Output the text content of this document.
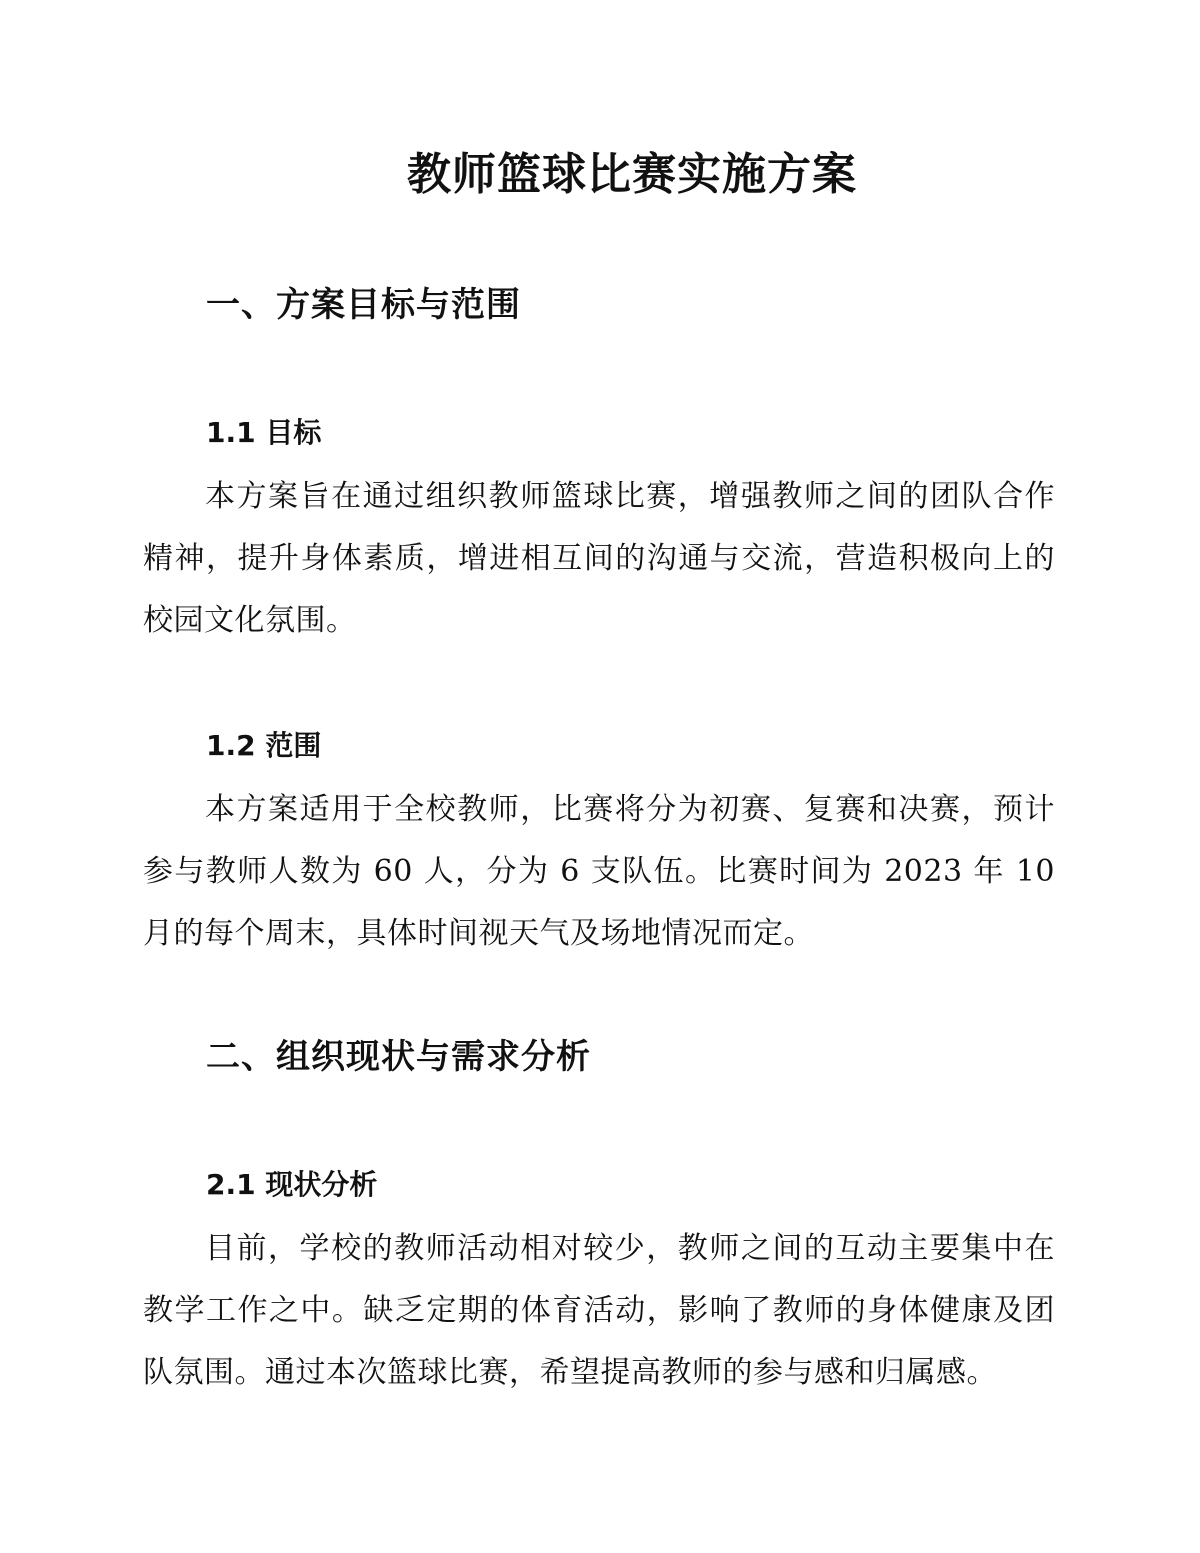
教师篮球比赛实施方案
一、方案目标与范围
1.1 目标

本方案旨在通过组织教师篮球比赛，增强教师之间的团队合作精神，提升身体素质，增进相互间的沟通与交流，营造积极向上的校园文化氛围。

1.2 范围

本方案适用于全校教师，比赛将分为初赛、复赛和决赛，预计参与教师人数为 60 人，分为 6 支队伍。比赛时间为 2023 年 10 月的每个周末，具体时间视天气及场地情况而定。

二、组织现状与需求分析
2.1 现状分析

目前，学校的教师活动相对较少，教师之间的互动主要集中在教学工作之中。缺乏定期的体育活动，影响了教师的身体健康及团队氛围。通过本次篮球比赛，希望提高教师的参与感和归属感。
